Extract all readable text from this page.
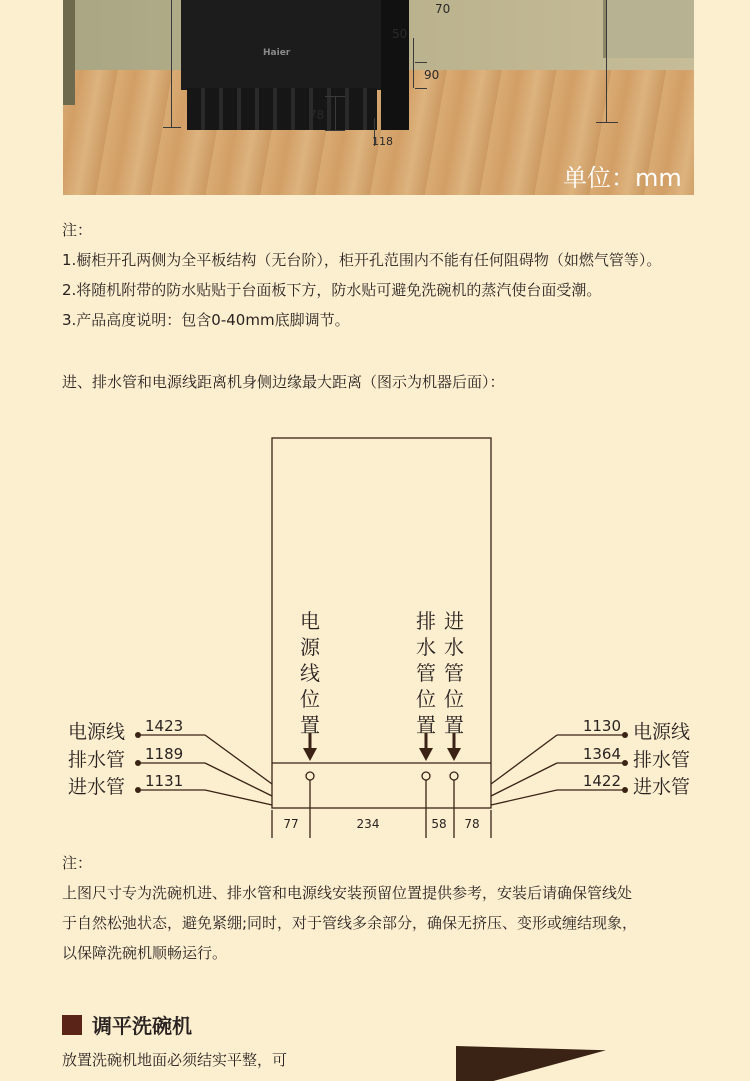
Haier
70
50
90
78
118
单位：mm

注：

1.橱柜开孔两侧为全平板结构（无台阶），柜开孔范围内不能有任何阻碍物（如燃气管等）。

2.将随机附带的防水贴贴于台面板下方，防水贴可避免洗碗机的蒸汽使台面受潮。

3.产品高度说明：包含0-40mm底脚调节。

进、排水管和电源线距离机身侧边缘最大距离（图示为机器后面）：
电
源
线
位
置
排
水
管
位
置
进
水
管
位
置
电源线
排水管
进水管
1423
1189
1131
1130
1364
1422
电源线
排水管
进水管
77	234	58 78

注：

上图尺寸专为洗碗机进、排水管和电源线安装预留位置提供参考，安装后请确保管线处

于自然松弛状态，避免紧绷;同时，对于管线多余部分，确保无挤压、变形或缠结现象，

以保障洗碗机顺畅运行。

调平洗碗机
放置洗碗机地面必须结实平整，可
